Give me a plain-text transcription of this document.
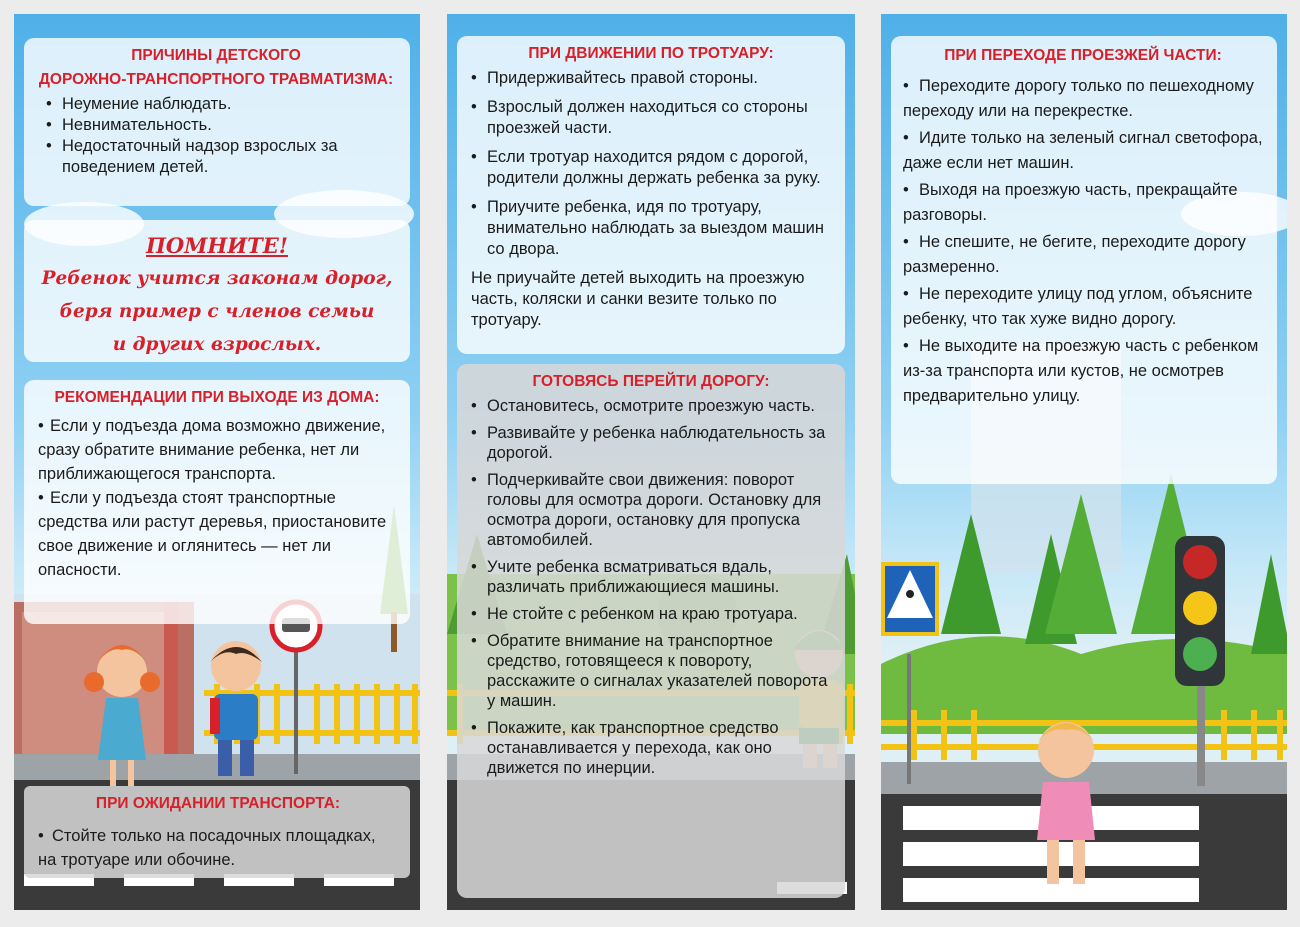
ПРИЧИНЫ ДЕТСКОГО
ДОРОЖНО-ТРАНСПОРТНОГО ТРАВМАТИЗМА:
• Неумение наблюдать.
• Невнимательность.
• Недостаточный надзор взрослых за поведением детей.
ПОМНИТЕ!
Ребенок учится законам дорог,
беря пример с членов семьи
и других взрослых.
РЕКОМЕНДАЦИИ ПРИ ВЫХОДЕ ИЗ ДОМА:
• Если у подъезда дома возможно движение, сразу обратите внимание ребенка, нет ли приближающегося транспорта.
• Если у подъезда стоят транспортные средства или растут деревья, приостановите свое движение и оглянитесь — нет ли опасности.
ПРИ ОЖИДАНИИ ТРАНСПОРТА:
• Стойте только на посадочных площадках, на тротуаре или обочине.
ПРИ ДВИЖЕНИИ ПО ТРОТУАРУ:
• Придерживайтесь правой стороны.
• Взрослый должен находиться со стороны проезжей части.
• Если тротуар находится рядом с дорогой, родители должны держать ребенка за руку.
• Приучите ребенка, идя по тротуару, внимательно наблюдать за выездом машин со двора.
Не приучайте детей выходить на проезжую часть, коляски и санки везите только по тротуару.
ГОТОВЯСЬ ПЕРЕЙТИ ДОРОГУ:
• Остановитесь, осмотрите проезжую часть.
• Развивайте у ребенка наблюдательность за дорогой.
• Подчеркивайте свои движения: поворот головы для осмотра дороги. Остановку для осмотра дороги, остановку для пропуска автомобилей.
• Учите ребенка всматриваться вдаль, различать приближающиеся машины.
• Не стойте с ребенком на краю тротуара.
• Обратите внимание на транспортное средство, готовящееся к повороту, расскажите о сигналах указателей поворота у машин.
• Покажите, как транспортное средство останавливается у перехода, как оно движется по инерции.
ПРИ ПЕРЕХОДЕ ПРОЕЗЖЕЙ ЧАСТИ:
• Переходите дорогу только по пешеходному переходу или на перекрестке.
• Идите только на зеленый сигнал светофора, даже если нет машин.
• Выходя на проезжую часть, прекращайте разговоры.
• Не спешите, не бегите, переходите дорогу размеренно.
• Не переходите улицу под углом, объясните ребенку, что так хуже видно дорогу.
• Не выходите на проезжую часть с ребенком из-за транспорта или кустов, не осмотрев предварительно улицу.
